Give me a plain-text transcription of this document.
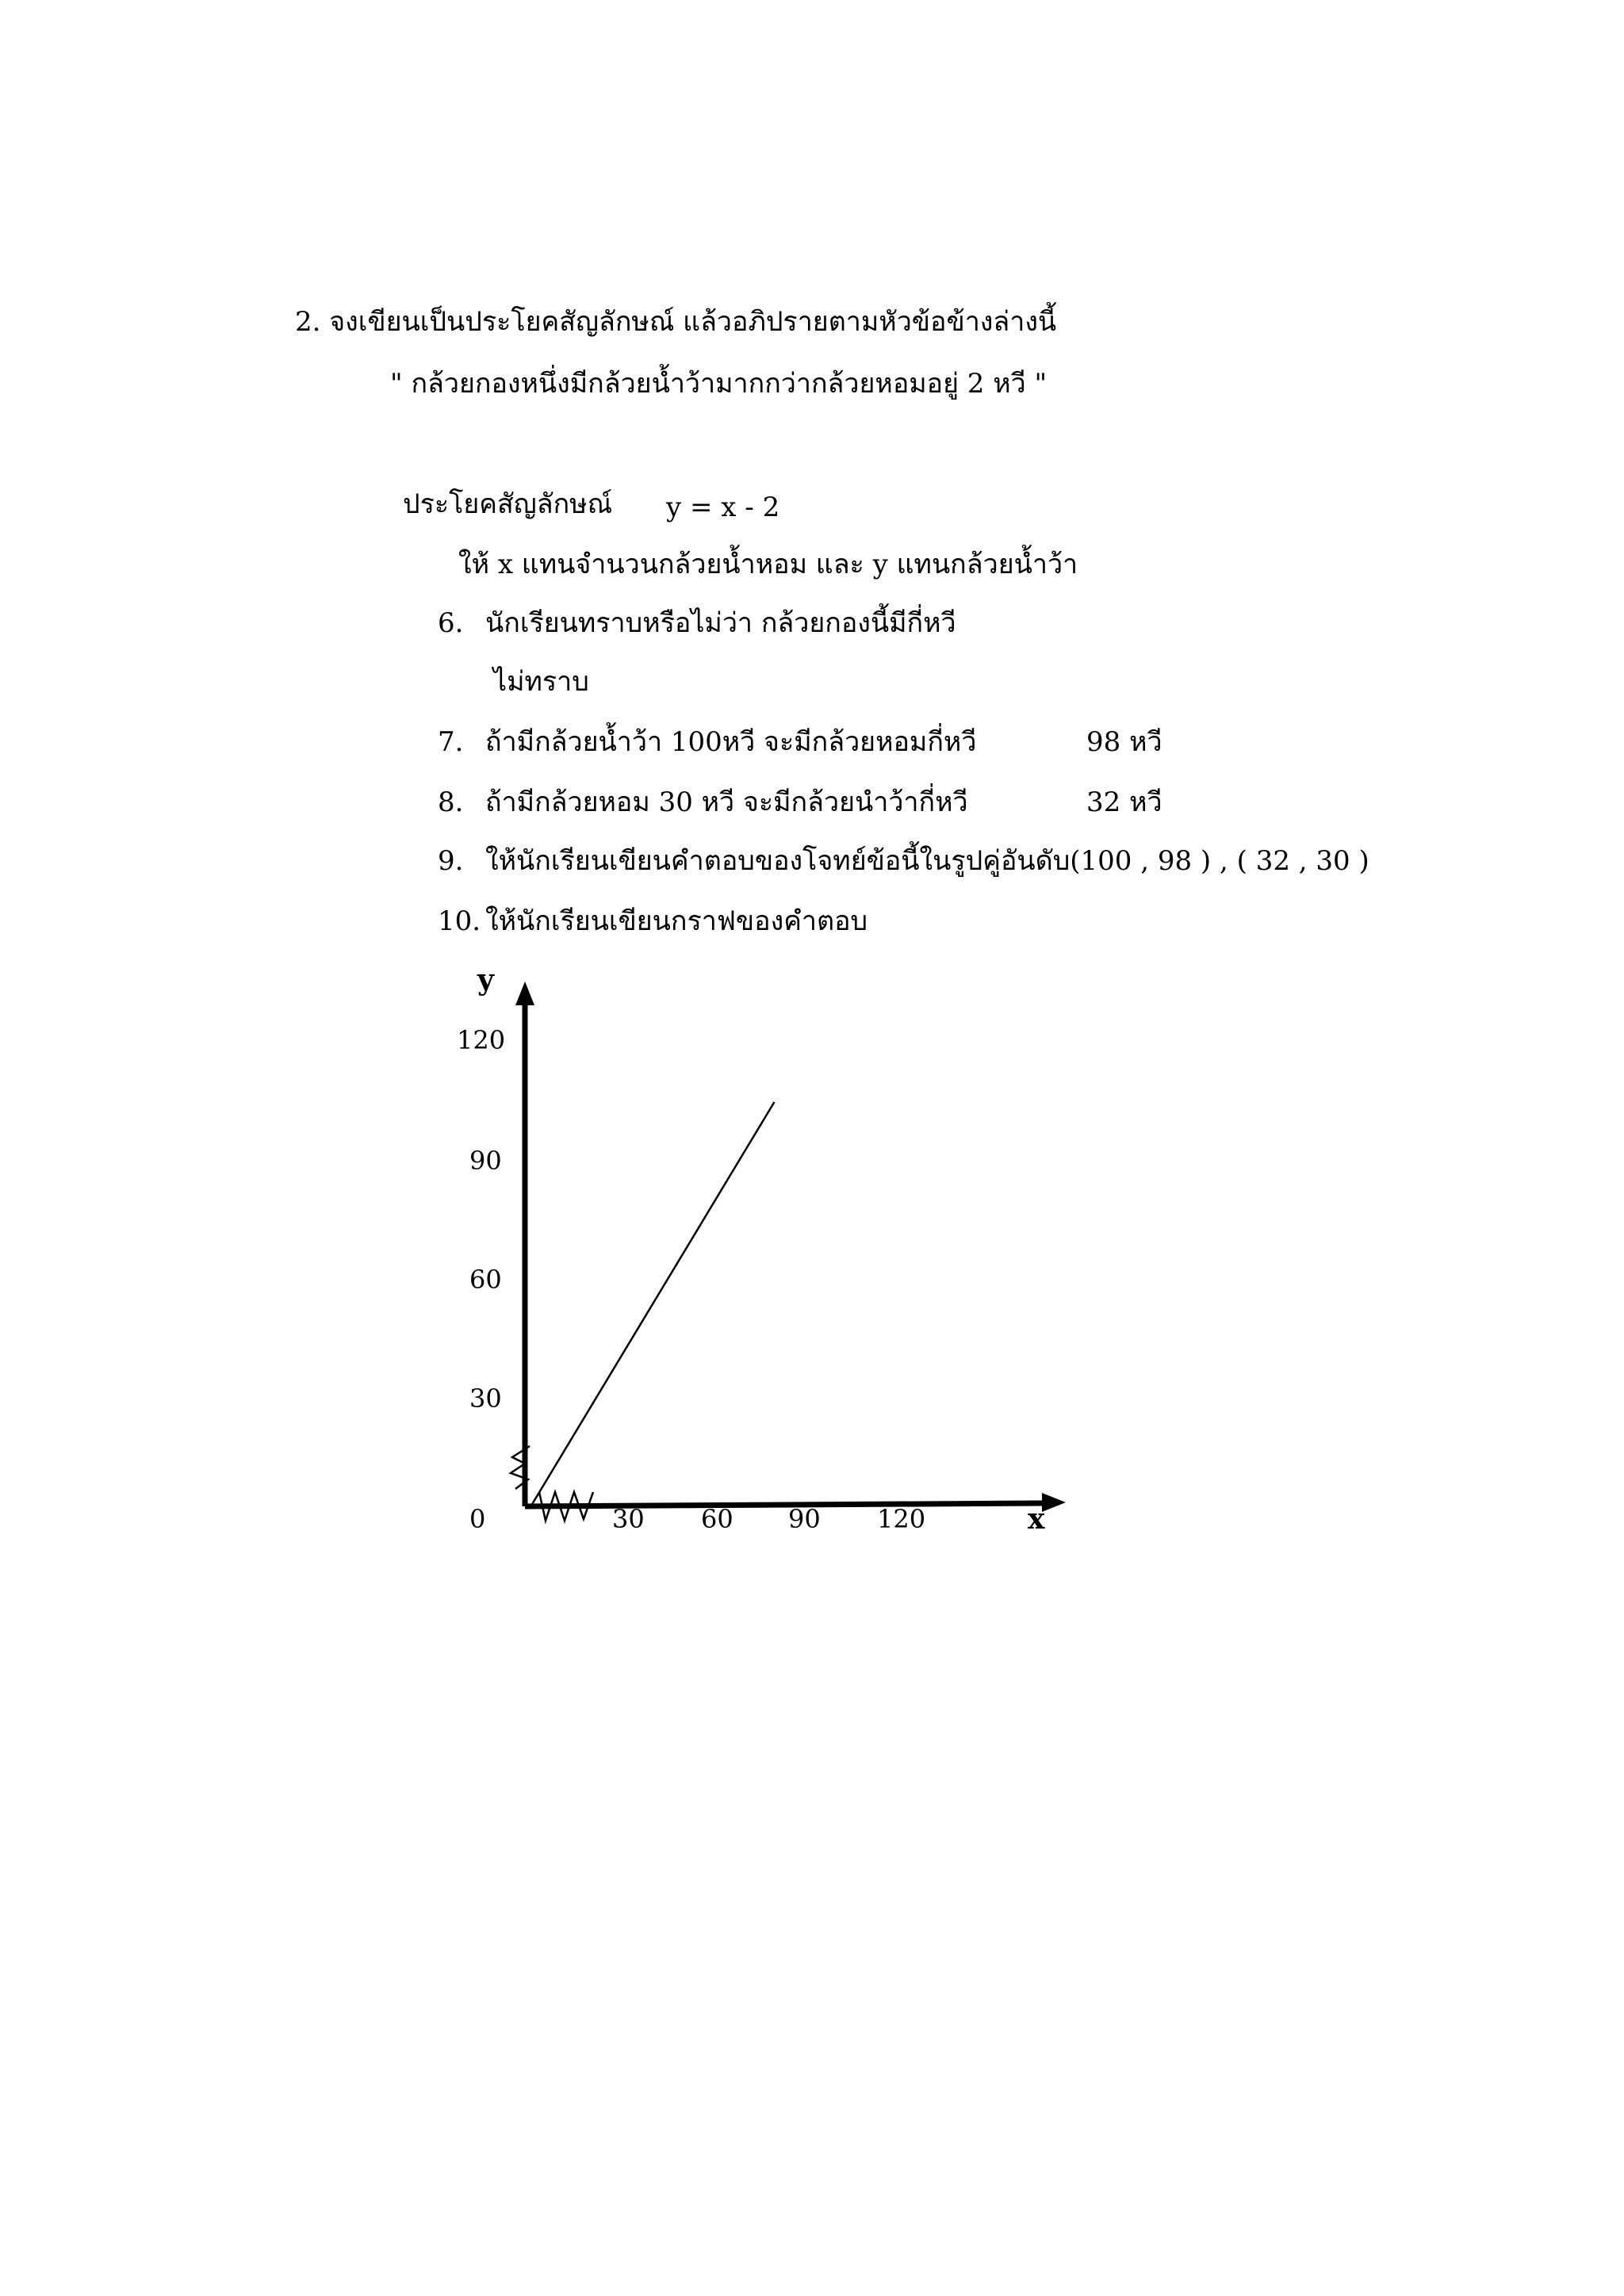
2. จงเขียนเป็นประโยคสัญลักษณ์ แล้วอภิปรายตามหัวข้อข้างล่างนี้
" กล้วยกองหนึ่งมีกล้วยน้ำว้ามากกว่ากล้วยหอมอยู่ 2 หวี "
ประโยคสัญลักษณ์ y = x - 2
ให้ x แทนจำนวนกล้วยน้ำหอม และ y แทนกล้วยน้ำว้า
6. นักเรียนทราบหรือไม่ว่า กล้วยกองนี้มีกี่หวี
ไม่ทราบ
7. ถ้ามีกล้วยน้ำว้า 100หวี จะมีกล้วยหอมกี่หวี	98 หวี
8. ถ้ามีกล้วยหอม 30 หวี จะมีกล้วยนำว้ากี่หวี	32 หวี
9. ให้นักเรียนเขียนคำตอบของโจทย์ข้อนี้ในรูปคู่อันดับ(100 , 98 ) , ( 32 , 30 )
10. ให้นักเรียนเขียนกราฟของคำตอบ
y
x
0
120
90
60
30
30 60 90 120
